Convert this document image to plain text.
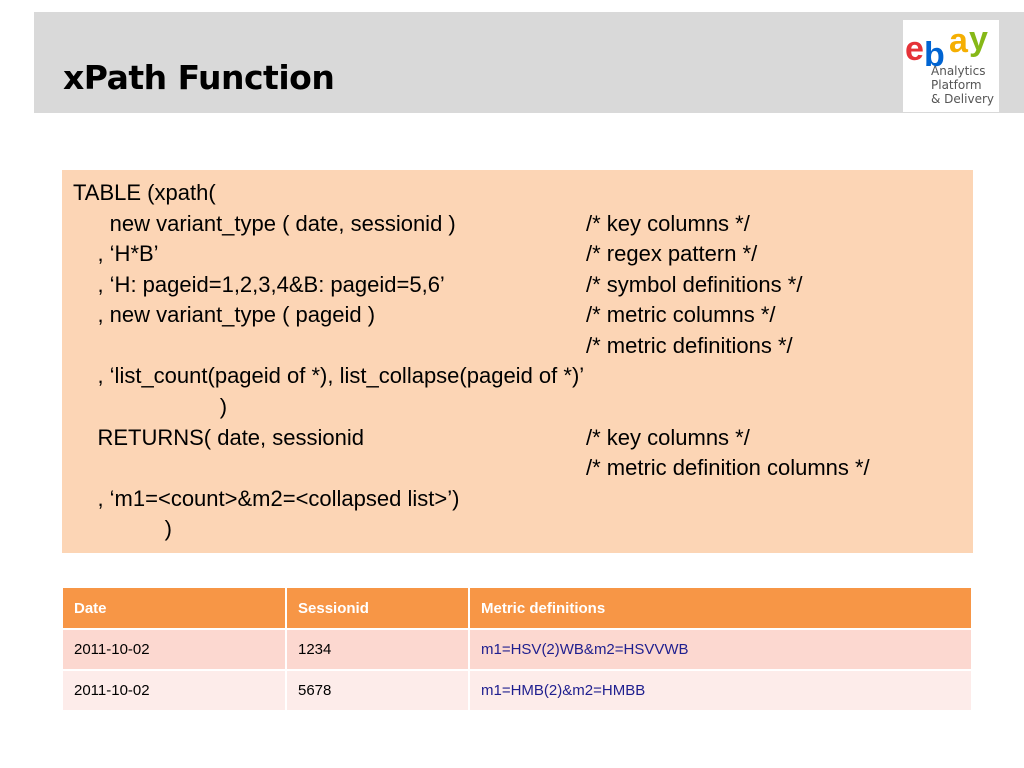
xPath Function
e b a y
Analytics
Platform
& Delivery
TABLE (xpath(
new variant_type ( date, sessionid )	/* key columns */
, ‘H*B’	/* regex pattern */
, ‘H: pageid=1,2,3,4&B: pageid=5,6’	/* symbol definitions */
, new variant_type ( pageid )	/* metric columns */
/* metric definitions */
, ‘list_count(pageid of *), list_collapse(pageid of *)’
)
RETURNS( date, sessionid	/* key columns */
/* metric definition columns */
, ‘m1=<count>&m2=<collapsed list>’)
)
Date	Sessionid	Metric definitions
2011-10-02	1234	m1=HSV(2)WB&m2=HSVVWB
2011-10-02	5678	m1=HMB(2)&m2=HMBB
